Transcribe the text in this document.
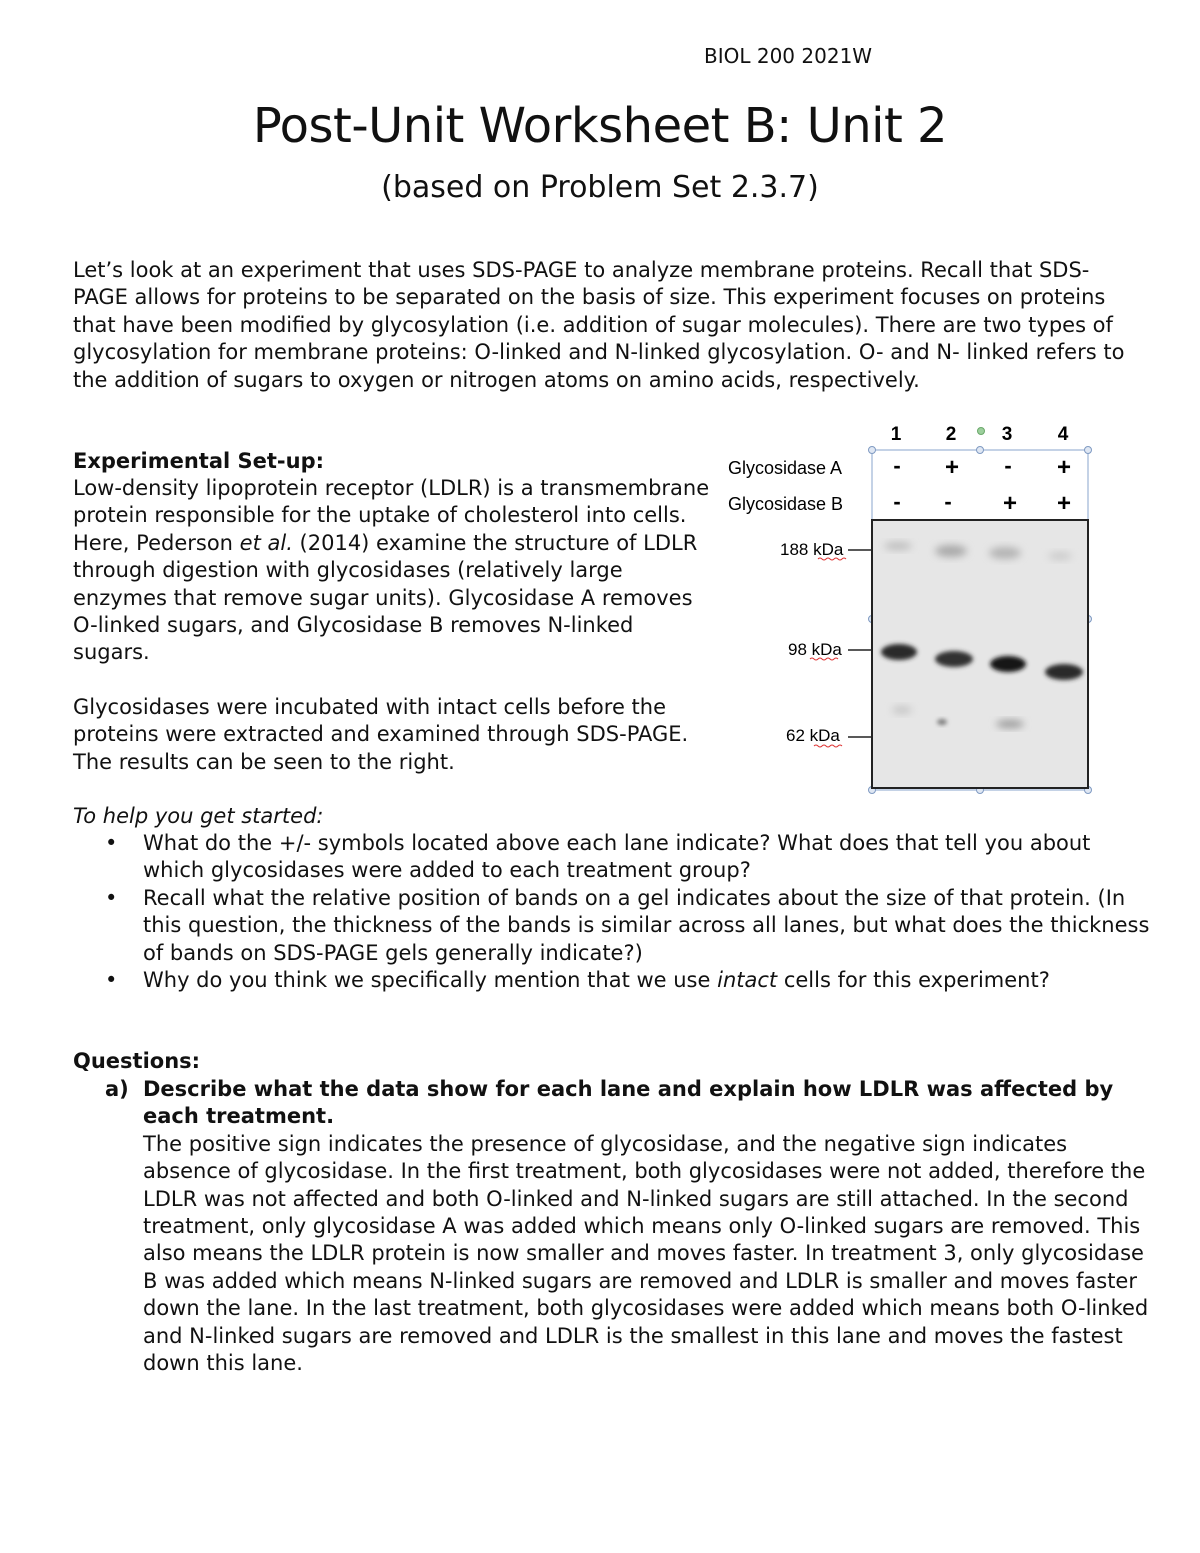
BIOL 200 2021W
Post-Unit Worksheet B: Unit 2
(based on Problem Set 2.3.7)

Let’s look at an experiment that uses SDS-PAGE to analyze membrane proteins. Recall that SDS-PAGE allows for proteins to be separated on the basis of size. This experiment focuses on proteins that have been modified by glycosylation (i.e. addition of sugar molecules). There are two types of glycosylation for membrane proteins: O-linked and N-linked glycosylation. O- and N- linked refers to the addition of sugars to oxygen or nitrogen atoms on amino acids, respectively.

Experimental Set-up:

Low-density lipoprotein receptor (LDLR) is a transmembrane protein responsible for the uptake of cholesterol into cells. Here, Pederson et al. (2014) examine the structure of LDLR through digestion with glycosidases (relatively large enzymes that remove sugar units). Glycosidase A removes O-linked sugars, and Glycosidase B removes N-linked sugars.

Glycosidases were incubated with intact cells before the proteins were extracted and examined through SDS-PAGE. The results can be seen to the right.

1 2 3 4
Glycosidase A
Glycosidase B
- + - +
- - + +
188 kDa
98 kDa
62 kDa
To help you get started:
• What do the +/- symbols located above each lane indicate? What does that tell you about which glycosidases were added to each treatment group?
• Recall what the relative position of bands on a gel indicates about the size of that protein. (In this question, the thickness of the bands is similar across all lanes, but what does the thickness of bands on SDS-PAGE gels generally indicate?)
• Why do you think we specifically mention that we use intact cells for this experiment?
Questions:
a) Describe what the data show for each lane and explain how LDLR was affected by each treatment.
The positive sign indicates the presence of glycosidase, and the negative sign indicates absence of glycosidase. In the first treatment, both glycosidases were not added, therefore the LDLR was not affected and both O-linked and N-linked sugars are still attached. In the second treatment, only glycosidase A was added which means only O-linked sugars are removed. This also means the LDLR protein is now smaller and moves faster. In treatment 3, only glycosidase B was added which means N-linked sugars are removed and LDLR is smaller and moves faster down the lane. In the last treatment, both glycosidases were added which means both O-linked and N-linked sugars are removed and LDLR is the smallest in this lane and moves the fastest down this lane.
